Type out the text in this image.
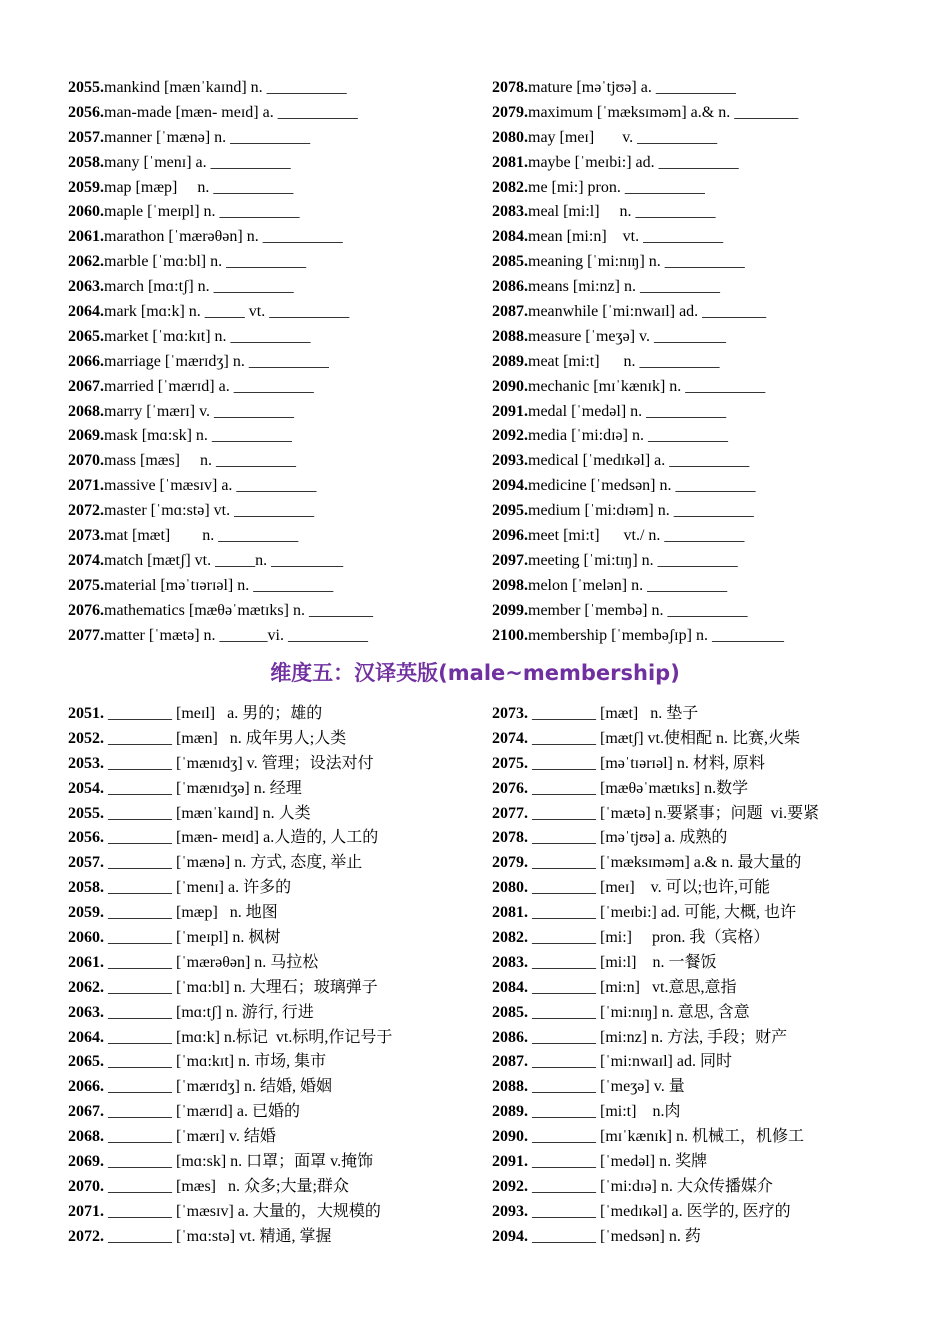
2055.mankind [mænˈkaɪnd] n. __________
2056.man-made [mæn- meɪd] a. __________
2057.manner [ˈmænə] n. __________
2058.many [ˈmenɪ] a. __________
2059.map [mæp]     n. __________
2060.maple [ˈmeɪpl] n. __________
2061.marathon [ˈmærəθən] n. __________
2062.marble [ˈmɑ:bl] n. __________
2063.march [mɑ:tʃ] n. __________
2064.mark [mɑ:k] n. _____ vt. __________
2065.market [ˈmɑ:kɪt] n. __________
2066.marriage [ˈmærɪdʒ] n. __________
2067.married [ˈmærɪd] a. __________
2068.marry [ˈmærɪ] v. __________
2069.mask [mɑ:sk] n. __________
2070.mass [mæs]     n. __________
2071.massive [ˈmæsɪv] a. __________
2072.master [ˈmɑ:stə] vt. __________
2073.mat [mæt]        n. __________
2074.match [mætʃ] vt. _____n. _________
2075.material [məˈtɪərɪəl] n. __________
2076.mathematics [mæθəˈmætɪks] n. ________
2077.matter [ˈmætə] n. ______vi. __________
2078.mature [məˈtjʊə] a. __________
2079.maximum [ˈmæksɪməm] a.& n. ________
2080.may [meɪ]       v. __________
2081.maybe [ˈmeɪbi:] ad. __________
2082.me [mi:] pron. __________
2083.meal [mi:l]     n. __________
2084.mean [mi:n]    vt. __________
2085.meaning [ˈmi:nɪŋ] n. __________
2086.means [mi:nz] n. __________
2087.meanwhile [ˈmi:nwaɪl] ad. ________
2088.measure [ˈmeʒə] v. _________
2089.meat [mi:t]      n. __________
2090.mechanic [mɪˈkænɪk] n. __________
2091.medal [ˈmedəl] n. __________
2092.media [ˈmi:dɪə] n. __________
2093.medical [ˈmedɪkəl] a. __________
2094.medicine [ˈmedsən] n. __________
2095.medium [ˈmi:dɪəm] n. __________
2096.meet [mi:t]      vt./ n. __________
2097.meeting [ˈmi:tɪŋ] n. __________
2098.melon [ˈmelən] n. __________
2099.member [ˈmembə] n. __________
2100.membership [ˈmembəʃɪp] n. _________
维度五：汉译英版(male~membership)
2051. ________ [meɪl]   a. 男的；雄的
2052. ________ [mæn]   n. 成年男人;人类
2053. ________ [ˈmænɪdʒ] v. 管理；设法对付
2054. ________ [ˈmænɪdʒə] n. 经理
2055. ________ [mænˈkaɪnd] n. 人类
2056. ________ [mæn- meɪd] a.人造的, 人工的
2057. ________ [ˈmænə] n. 方式, 态度, 举止
2058. ________ [ˈmenɪ] a. 许多的
2059. ________ [mæp]   n. 地图
2060. ________ [ˈmeɪpl] n. 枫树
2061. ________ [ˈmærəθən] n. 马拉松
2062. ________ [ˈmɑ:bl] n. 大理石；玻璃弹子
2063. ________ [mɑ:tʃ] n. 游行, 行进
2064. ________ [mɑ:k] n.标记  vt.标明,作记号于
2065. ________ [ˈmɑ:kɪt] n. 市场, 集市
2066. ________ [ˈmærɪdʒ] n. 结婚, 婚姻
2067. ________ [ˈmærɪd] a. 已婚的
2068. ________ [ˈmærɪ] v. 结婚
2069. ________ [mɑ:sk] n. 口罩；面罩 v.掩饰
2070. ________ [mæs]   n. 众多;大量;群众
2071. ________ [ˈmæsɪv] a. 大量的，大规模的
2072. ________ [ˈmɑ:stə] vt. 精通, 掌握
2073. ________ [mæt]   n. 垫子
2074. ________ [mætʃ] vt.使相配 n. 比赛,火柴
2075. ________ [məˈtɪərɪəl] n. 材料, 原料
2076. ________ [mæθəˈmætɪks] n.数学
2077. ________ [ˈmætə] n.要紧事；问题  vi.要紧
2078. ________ [məˈtjʊə] a. 成熟的
2079. ________ [ˈmæksɪməm] a.& n. 最大量的
2080. ________ [meɪ]    v. 可以;也许,可能
2081. ________ [ˈmeɪbi:] ad. 可能, 大概, 也许
2082. ________ [mi:]     pron. 我（宾格）
2083. ________ [mi:l]    n. 一餐饭
2084. ________ [mi:n]   vt.意思,意指
2085. ________ [ˈmi:nɪŋ] n. 意思, 含意
2086. ________ [mi:nz] n. 方法, 手段；财产
2087. ________ [ˈmi:nwaɪl] ad. 同时
2088. ________ [ˈmeʒə] v. 量
2089. ________ [mi:t]    n.肉
2090. ________ [mɪˈkænɪk] n. 机械工，机修工
2091. ________ [ˈmedəl] n. 奖牌
2092. ________ [ˈmi:dɪə] n. 大众传播媒介
2093. ________ [ˈmedɪkəl] a. 医学的, 医疗的
2094. ________ [ˈmedsən] n. 药
